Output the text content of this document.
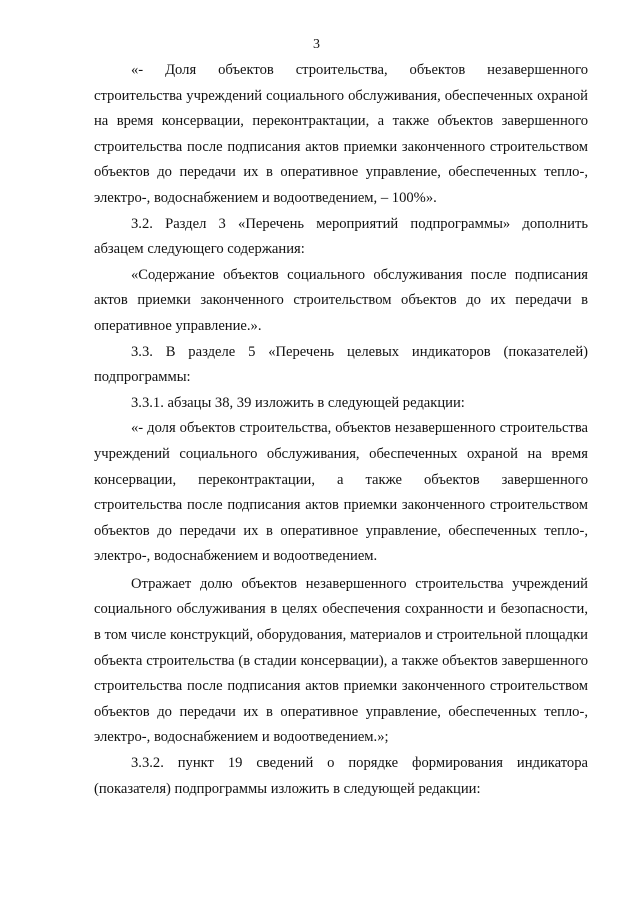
3

«- Доля объектов строительства, объектов незавершенного строительства учреждений социального обслуживания, обеспеченных охраной на время консервации, переконтрактации, а также объектов завершенного строительства после подписания актов приемки законченного строительством объектов до передачи их в оперативное управление, обеспеченных тепло-, электро-, водоснабжением и водоотведением, – 100%».

3.2. Раздел 3 «Перечень мероприятий подпрограммы» дополнить абзацем следующего содержания:

«Содержание объектов социального обслуживания после подписания актов приемки законченного строительством объектов до их передачи в оперативное управление.».

3.3. В разделе 5 «Перечень целевых индикаторов (показателей) подпрограммы:

3.3.1. абзацы 38, 39 изложить в следующей редакции:

«- доля объектов строительства, объектов незавершенного строительства учреждений социального обслуживания, обеспеченных охраной на время консервации, переконтрактации, а также объектов завершенного строительства после подписания актов приемки законченного строительством объектов до передачи их в оперативное управление, обеспеченных тепло-, электро-, водоснабжением и водоотведением.

Отражает долю объектов незавершенного строительства учреждений социального обслуживания в целях обеспечения сохранности и безопасности, в том числе конструкций, оборудования, материалов и строительной площадки объекта строительства (в стадии консервации), а также объектов завершенного строительства после подписания актов приемки законченного строительством объектов до передачи их в оперативное управление, обеспеченных тепло-, электро-, водоснабжением и водоотведением.»;

3.3.2. пункт 19 сведений о порядке формирования индикатора (показателя) подпрограммы изложить в следующей редакции:
